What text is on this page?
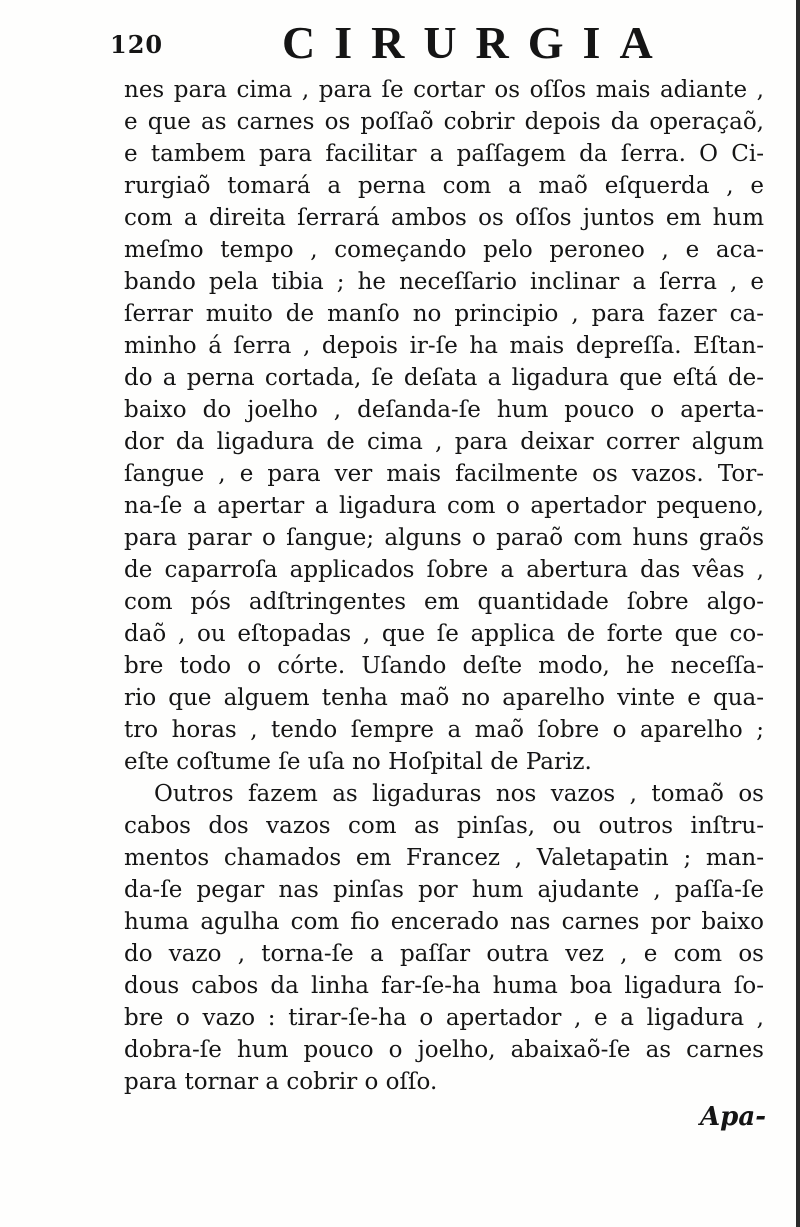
120	CIRURGIA
nes para cima , para ſe cortar os oſſos mais adiante ,
e que as carnes os poſſaõ cobrir depois da operaçaõ,
e tambem para facilitar a paſſagem da ſerra. O Ci-
rurgiaõ tomará a perna com a maõ eſquerda , e
com a direita ſerrará ambos os oſſos juntos em hum
meſmo tempo , começando pelo peroneo , e aca-
bando pela tibia ; he neceſſario inclinar a ſerra , e
ſerrar muito de manſo no principio , para fazer ca-
minho á ſerra , depois ir-ſe ha mais depreſſa. Eſtan-
do a perna cortada, ſe deſata a ligadura que eſtá de-
baixo do joelho , deſanda-ſe hum pouco o aperta-
dor da ligadura de cima , para deixar correr algum
ſangue , e para ver mais facilmente os vazos. Tor-
na-ſe a apertar a ligadura com o apertador pequeno,
para parar o ſangue; alguns o paraõ com huns graõs
de caparroſa applicados ſobre a abertura das vêas ,
com pós adſtringentes em quantidade ſobre algo-
daõ , ou eſtopadas , que ſe applica de forte que co-
bre todo o córte. Uſando deſte modo, he neceſſa-
rio que alguem tenha maõ no aparelho vinte e qua-
tro horas , tendo ſempre a maõ ſobre o aparelho ;
eſte coſtume ſe uſa no Hoſpital de Pariz.
Outros fazem as ligaduras nos vazos , tomaõ os
cabos dos vazos com as pinſas, ou outros inſtru-
mentos chamados em Francez , Valetapatin ; man-
da-ſe pegar nas pinſas por hum ajudante , paſſa-ſe
huma agulha com fio encerado nas carnes por baixo
do vazo , torna-ſe a paſſar outra vez , e com os
dous cabos da linha far-ſe-ha huma boa ligadura ſo-
bre o vazo : tirar-ſe-ha o apertador , e a ligadura ,
dobra-ſe hum pouco o joelho, abaixaõ-ſe as carnes
para tornar a cobrir o oſſo.
Apa-
